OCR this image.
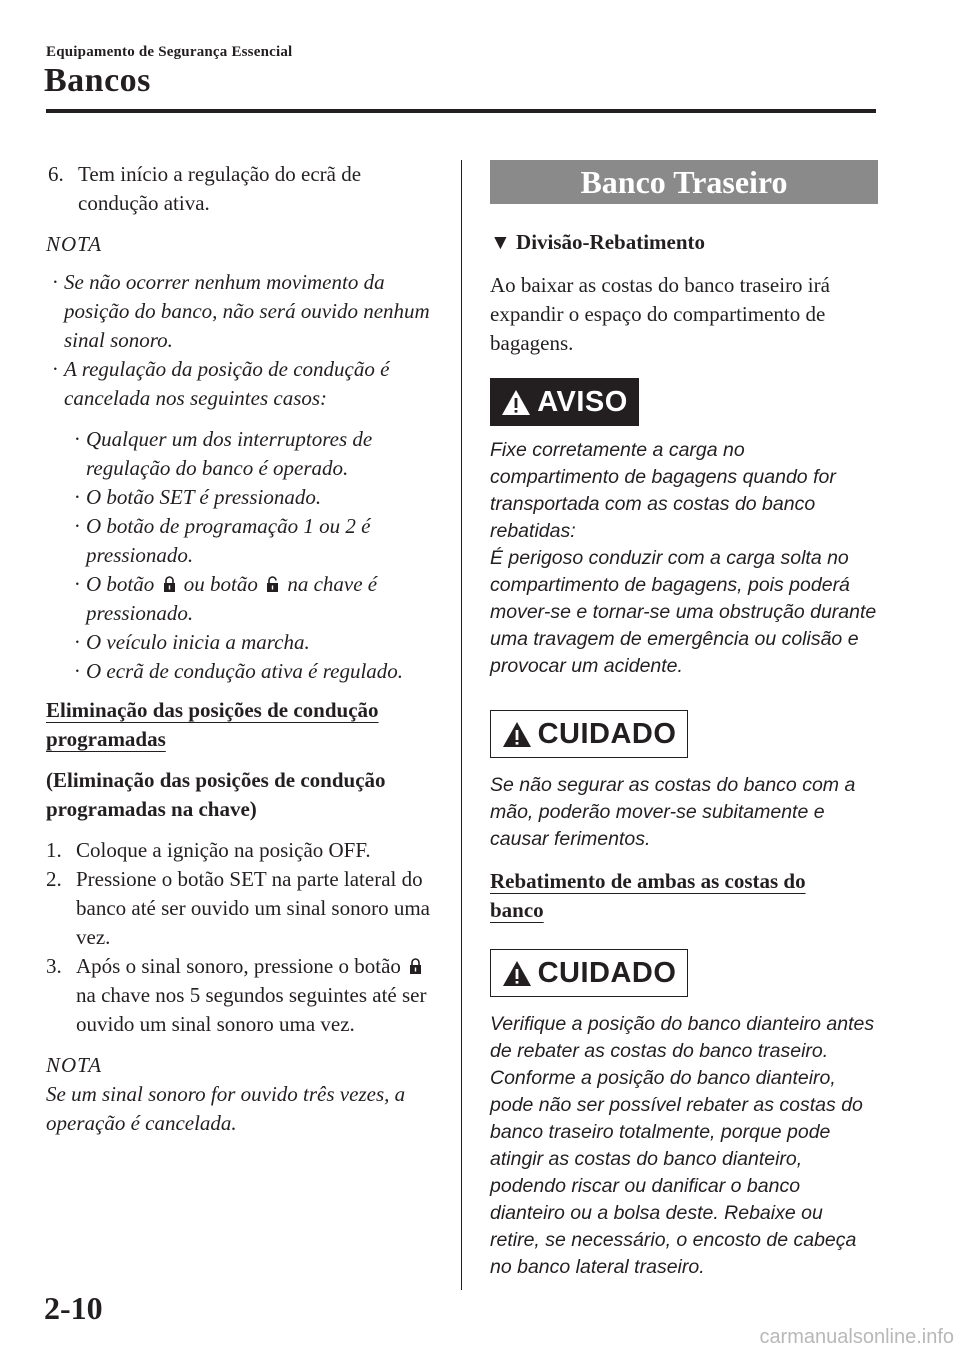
Equipamento de Segurança Essencial
Bancos
6. Tem início a regulação do ecrã de condução ativa.
NOTA
· Se não ocorrer nenhum movimento da posição do banco, não será ouvido nenhum sinal sonoro.
· A regulação da posição de condução é cancelada nos seguintes casos:
· Qualquer um dos interruptores de regulação do banco é operado.
· O botão SET é pressionado.
· O botão de programação 1 ou 2 é pressionado.
· O botão ou botão na chave é pressionado.
· O veículo inicia a marcha.
· O ecrã de condução ativa é regulado.
Eliminação das posições de condução
programadas
(Eliminação das posições de condução programadas na chave)
1. Coloque a ignição na posição OFF.
2. Pressione o botão SET na parte lateral do banco até ser ouvido um sinal sonoro uma vez.
3. Após o sinal sonoro, pressione o botão  na chave nos 5 segundos seguintes até ser ouvido um sinal sonoro uma vez.
NOTA
Se um sinal sonoro for ouvido três vezes, a operação é cancelada.
Banco Traseiro
▼ Divisão-Rebatimento
Ao baixar as costas do banco traseiro irá expandir o espaço do compartimento de bagagens.
AVISO
Fixe corretamente a carga no compartimento de bagagens quando for transportada com as costas do banco rebatidas:
É perigoso conduzir com a carga solta no compartimento de bagagens, pois poderá mover-se e tornar-se uma obstrução durante uma travagem de emergência ou colisão e provocar um acidente.
CUIDADO
Se não segurar as costas do banco com a mão, poderão mover-se subitamente e causar ferimentos.
Rebatimento de ambas as costas do
banco
CUIDADO
Verifique a posição do banco dianteiro antes de rebater as costas do banco traseiro. Conforme a posição do banco dianteiro, pode não ser possível rebater as costas do banco traseiro totalmente, porque pode atingir as costas do banco dianteiro, podendo riscar ou danificar o banco dianteiro ou a bolsa deste. Rebaixe ou retire, se necessário, o encosto de cabeça no banco lateral traseiro.
2-10
carmanualsonline.info
